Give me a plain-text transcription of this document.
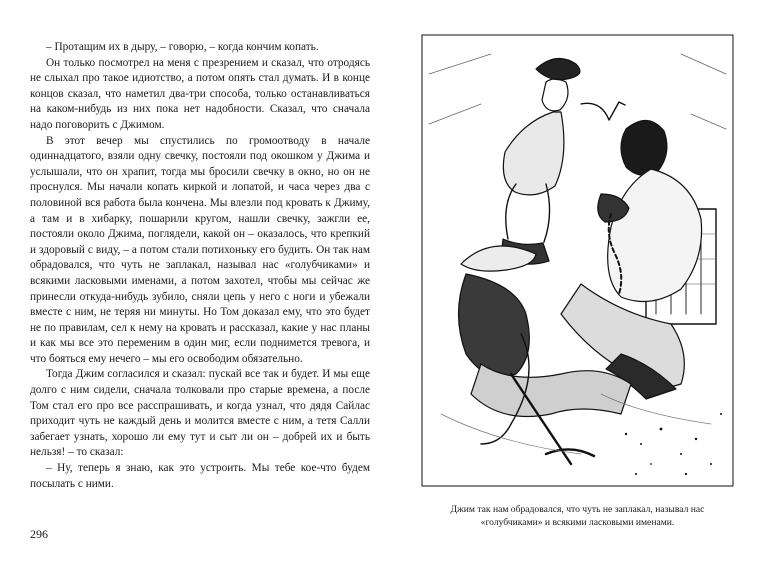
– Протащим их в дыру, – говорю, – когда кончим копать.

Он только посмотрел на меня с презрением и сказал, что отродясь не слыхал про такое идиотство, а потом опять стал думать. И в конце концов сказал, что наметил два-три способа, только останавливаться на каком-нибудь из них пока нет надобности. Сказал, что сначала надо поговорить с Джимом.

В этот вечер мы спустились по громоотводу в начале одиннадцатого, взяли одну свечку, постояли под окошком у Джима и услышали, что он храпит, тогда мы бросили свечку в окно, но он не проснулся. Мы начали копать киркой и лопатой, и часа через два с половиной вся работа была кончена. Мы влезли под кровать к Джиму, а там и в хибарку, пошарили кругом, нашли свечку, зажгли ее, постояли около Джима, поглядели, какой он – оказалось, что крепкий и здоровый с виду, – а потом стали потихоньку его будить. Он так нам обрадовался, что чуть не заплакал, называл нас «голубчиками» и всякими ласковыми именами, а потом захотел, чтобы мы сейчас же принесли откуда-нибудь зубило, сняли цепь у него с ноги и убежали вместе с ним, не теряя ни минуты. Но Том доказал ему, что это будет не по правилам, сел к нему на кровать и рассказал, какие у нас планы и как мы все это переменим в один миг, если поднимется тревога, и что бояться ему нечего – мы его освободим обязательно.

Тогда Джим согласился и сказал: пускай все так и будет. И мы еще долго с ним сидели, сначала толковали про старые времена, а после Том стал его про все расспрашивать, и когда узнал, что дядя Сайлас приходит чуть не каждый день и молится вместе с ним, а тетя Салли забегает узнать, хорошо ли ему тут и сыт ли он – добрей их и быть нельзя! – то сказал:

– Ну, теперь я знаю, как это устроить. Мы тебе кое-что будем посылать с ними.

296
Джим так нам обрадовался, что чуть не заплакал, называл нас «голубчиками» и всякими ласковыми именами.
